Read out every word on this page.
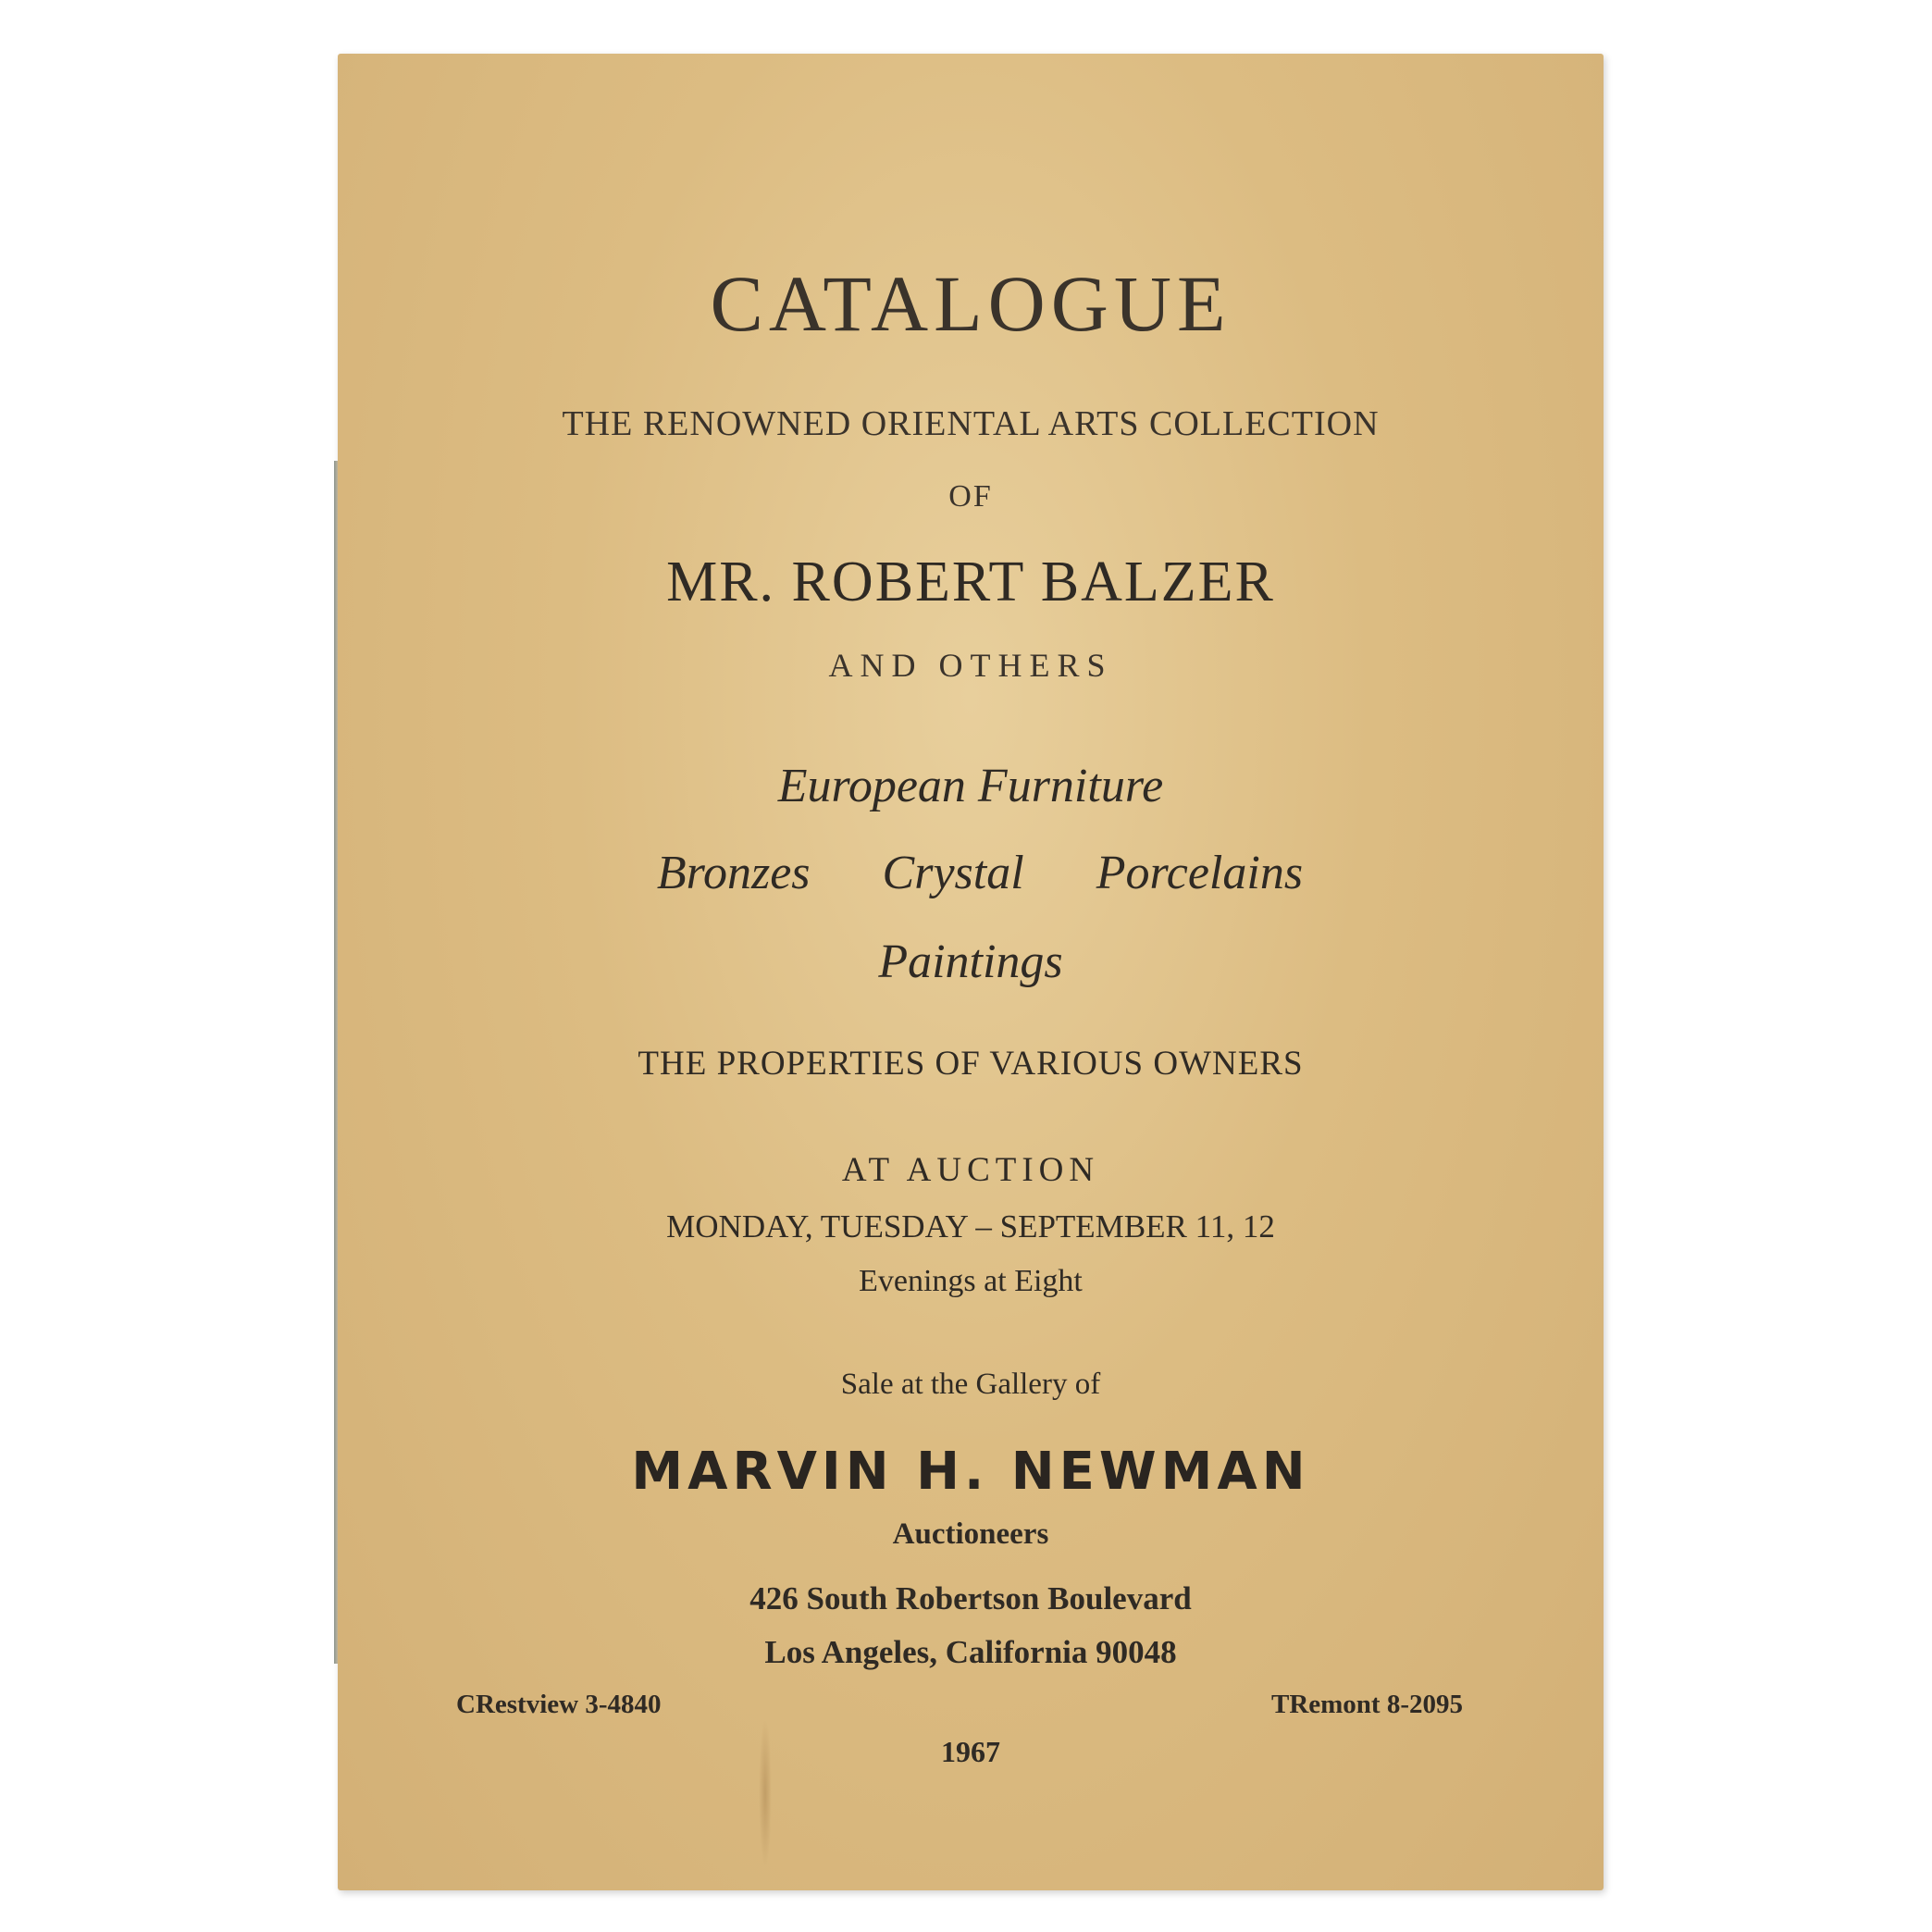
CATALOGUE
THE RENOWNED ORIENTAL ARTS COLLECTION
OF
MR. ROBERT BALZER
AND OTHERS
European Furniture
Bronzes Crystal Porcelains
Paintings
THE PROPERTIES OF VARIOUS OWNERS
AT AUCTION
MONDAY, TUESDAY – SEPTEMBER 11, 12
Evenings at Eight
Sale at the Gallery of
MARVIN H. NEWMAN
Auctioneers
426 South Robertson Boulevard
Los Angeles, California 90048
CRestview 3-4840	TRemont 8-2095
1967
